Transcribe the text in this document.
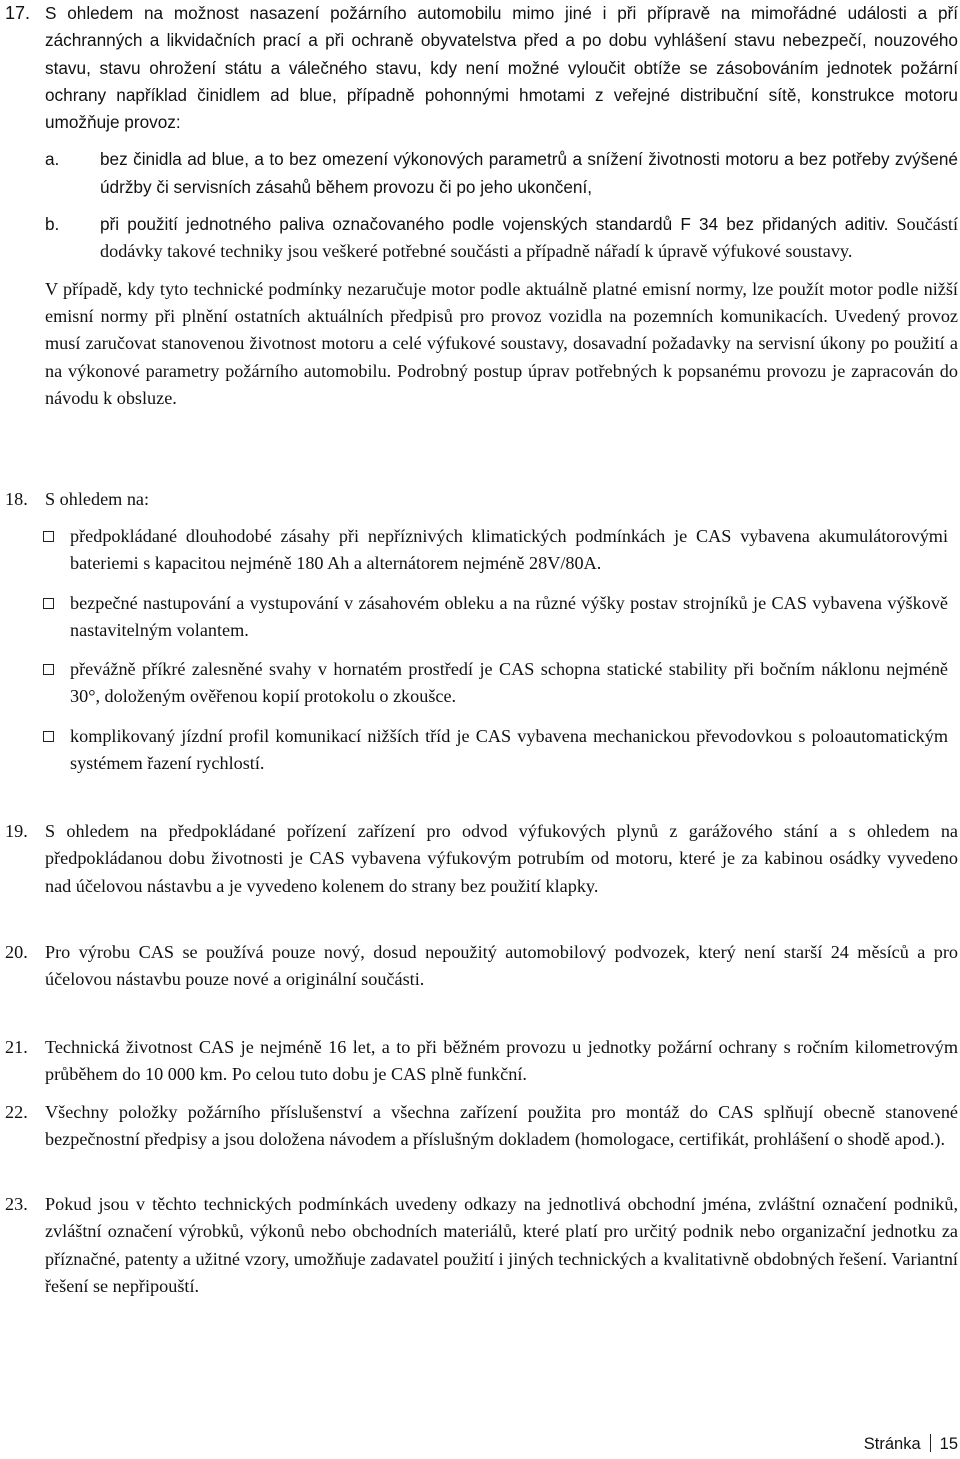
17. S ohledem na možnost nasazení požárního automobilu mimo jiné i při přípravě na mimořádné události a pří záchranných a likvidačních prací a při ochraně obyvatelstva před a po dobu vyhlášení stavu nebezpečí, nouzového stavu, stavu ohrožení státu a válečného stavu, kdy není možné vyloučit obtíže se zásobováním jednotek požární ochrany například činidlem ad blue, případně pohonnými hmotami z veřejné distribuční sítě, konstrukce motoru umožňuje provoz:
a. bez činidla ad blue, a to bez omezení výkonových parametrů a snížení životnosti motoru a bez potřeby zvýšené údržby či servisních zásahů během provozu či po jeho ukončení,
b. při použití jednotného paliva označovaného podle vojenských standardů F 34 bez přidaných aditiv. Součástí dodávky takové techniky jsou veškeré potřebné součásti a případně nářadí k úpravě výfukové soustavy.
V případě, kdy tyto technické podmínky nezaručuje motor podle aktuálně platné emisní normy, lze použít motor podle nižší emisní normy při plnění ostatních aktuálních předpisů pro provoz vozidla na pozemních komunikacích. Uvedený provoz musí zaručovat stanovenou životnost motoru a celé výfukové soustavy, dosavadní požadavky na servisní úkony po použití a na výkonové parametry požárního automobilu. Podrobný postup úprav potřebných k popsanému provozu je zapracován do návodu k obsluze.
18. S ohledem na:
předpokládané dlouhodobé zásahy při nepříznivých klimatických podmínkách je CAS vybavena akumulátorovými bateriemi s kapacitou nejméně 180 Ah a alternátorem nejméně 28V/80A.
bezpečné nastupování a vystupování v zásahovém obleku a na různé výšky postav strojníků je CAS vybavena výškově nastavitelným volantem.
převážně příkré zalesněné svahy v hornatém prostředí je CAS schopna statické stability při bočním náklonu nejméně 30°, doloženým ověřenou kopií protokolu o zkoušce.
komplikovaný jízdní profil komunikací nižších tříd je CAS vybavena mechanickou převodovkou s poloautomatickým systémem řazení rychlostí.
19. S ohledem na předpokládané pořízení zařízení pro odvod výfukových plynů z garážového stání a s ohledem na předpokládanou dobu životnosti je CAS vybavena výfukovým potrubím od motoru, které je za kabinou osádky vyvedeno nad účelovou nástavbu a je vyvedeno kolenem do strany bez použití klapky.
20. Pro výrobu CAS se používá pouze nový, dosud nepoužitý automobilový podvozek, který není starší 24 měsíců a pro účelovou nástavbu pouze nové a originální součásti.
21. Technická životnost CAS je nejméně 16 let, a to při běžném provozu u jednotky požární ochrany s ročním kilometrovým průběhem do 10 000 km. Po celou tuto dobu je CAS plně funkční.
22. Všechny položky požárního příslušenství a všechna zařízení použita pro montáž do CAS splňují obecně stanovené bezpečnostní předpisy a jsou doložena návodem a příslušným dokladem (homologace, certifikát, prohlášení o shodě apod.).
23. Pokud jsou v těchto technických podmínkách uvedeny odkazy na jednotlivá obchodní jména, zvláštní označení podniků, zvláštní označení výrobků, výkonů nebo obchodních materiálů, které platí pro určitý podnik nebo organizační jednotku za příznačné, patenty a užitné vzory, umožňuje zadavatel použití i jiných technických a kvalitativně obdobných řešení. Variantní řešení se nepřipouští.
Stránka 15
